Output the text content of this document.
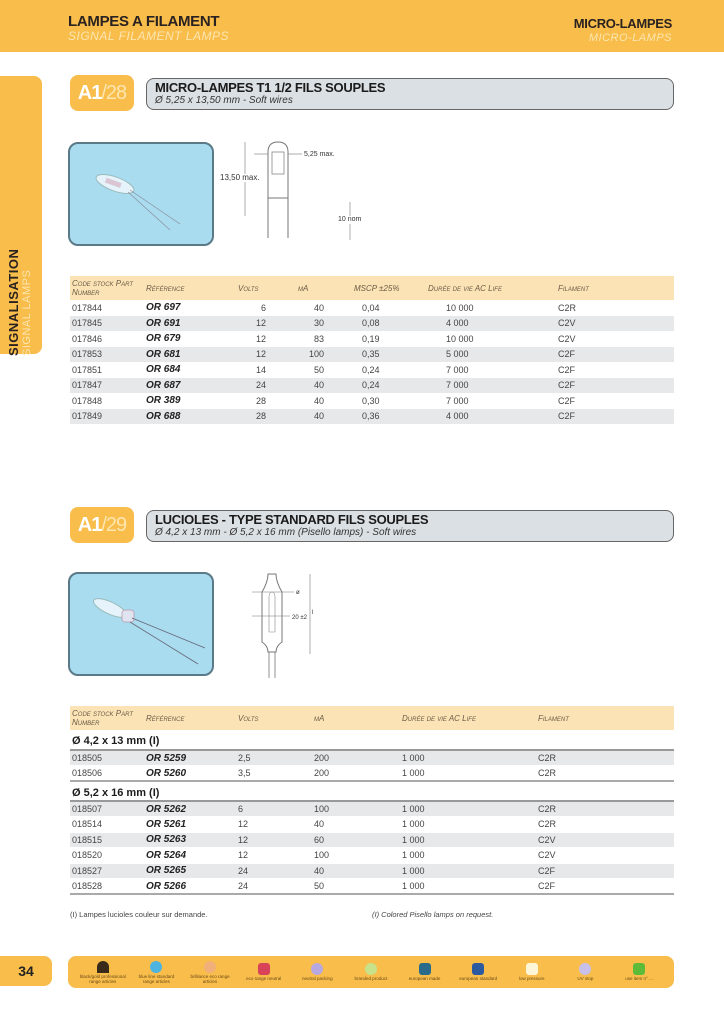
LAMPES A FILAMENT
SIGNAL FILAMENT LAMPS
MICRO-LAMPES
MICRO-LAMPS
SIGNALISATION SIGNAL LAMPS
A1/28	MICRO-LAMPES T1 1/2 FILS SOUPLES
Ø 5,25 x 13,50 mm - Soft wires
13,50 max.
5,25 max.
10 nom
Code stock Part Number	Référence	Volts	mA	MSCP ±25%	Durée de vie AC Life	Filament
017844	OR 697	6	40	0,04	10 000	C2R
017845	OR 691	12	30	0,08	4 000	C2V
017846	OR 679	12	83	0,19	10 000	C2V
017853	OR 681	12	100	0,35	5 000	C2F
017851	OR 684	14	50	0,24	7 000	C2F
017847	OR 687	24	40	0,24	7 000	C2F
017848	OR 389	28	40	0,30	7 000	C2F
017849	OR 688	28	40	0,36	4 000	C2F
A1/29	LUCIOLES - TYPE STANDARD FILS SOUPLES
Ø 4,2 x 13 mm - Ø 5,2 x 16 mm (Pisello lamps) - Soft wires
ø
l
20 ±2
Code stock Part Number	Référence	Volts	mA	Durée de vie AC Life	Filament
Ø 4,2 x 13 mm (I)					
018505	OR 5259	2,5	200	1 000	C2R
018506	OR 5260	3,5	200	1 000	C2R
Ø 5,2 x 16 mm (I)					
018507	OR 5262	6	100	1 000	C2R
018514	OR 5261	12	40	1 000	C2R
018515	OR 5263	12	60	1 000	C2V
018520	OR 5264	12	100	1 000	C2V
018527	OR 5265	24	40	1 000	C2F
018528	OR 5266	24	50	1 000	C2F
(I) Lampes lucioles couleur sur demande.	(I) Colored Pisello lamps on request.
34	black/gold professional range articles
blue line standard range articles
brilliance eco range articles	eco range neutral	neutral packing	branded product	european made	european standard	low pressure	UV stop	use item n° ...
